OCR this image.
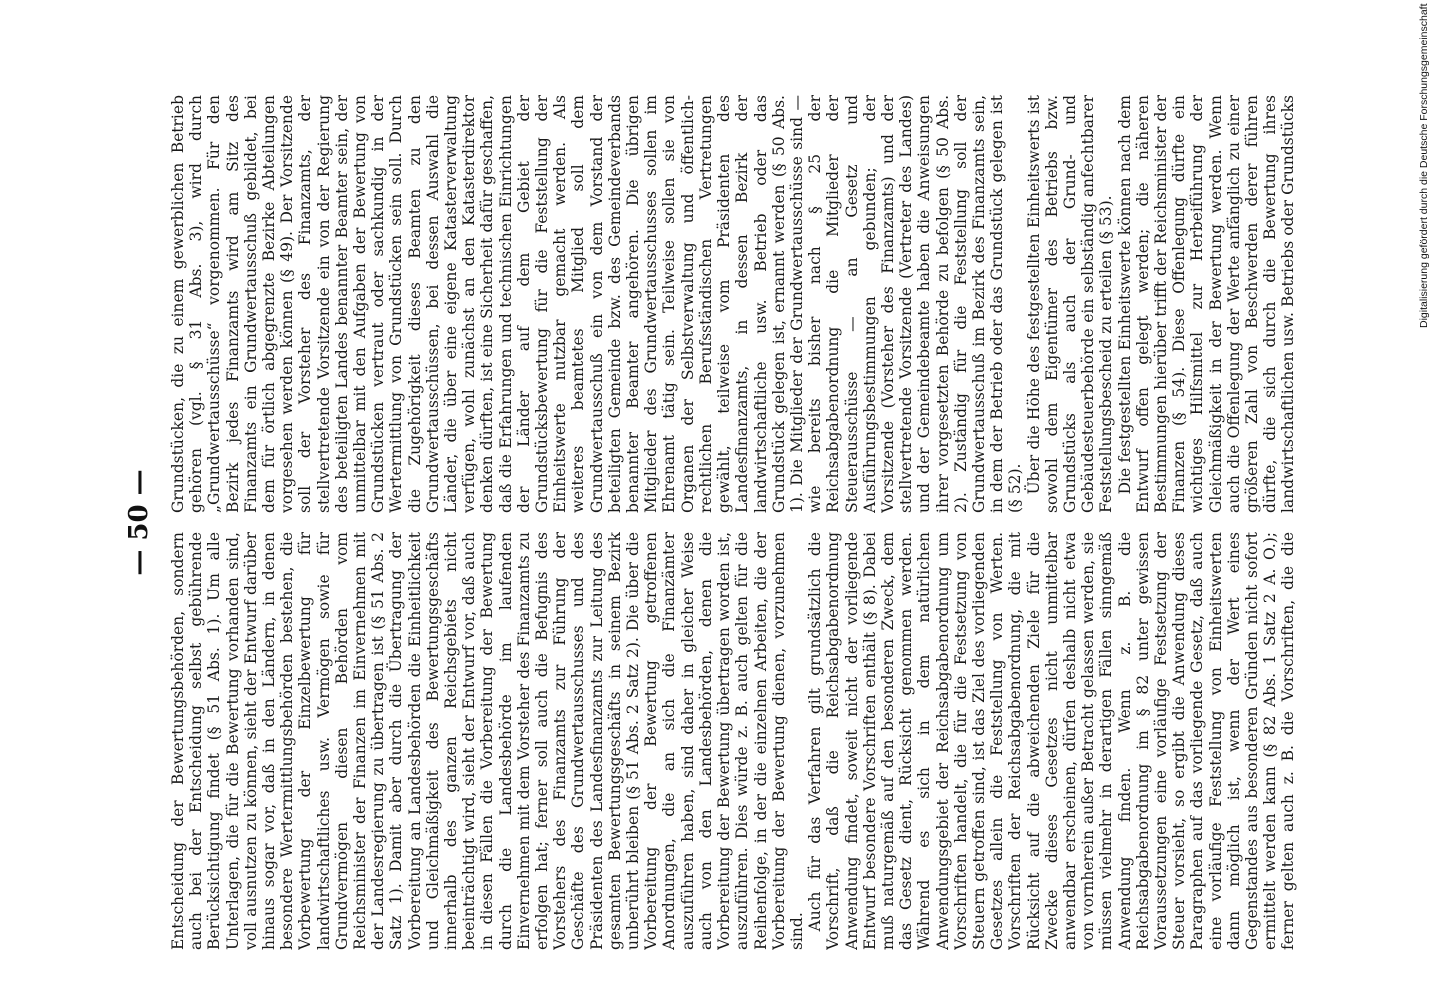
— 50 —

Entscheidung der Bewertungsbehörden, sondern auch bei der Entscheidung selbst gebührende Berücksichtigung findet (§ 51 Abs. 1). Um alle Unterlagen, die für die Bewertung vorhanden sind, voll ausnutzen zu können, sieht der Entwurf darüber hinaus sogar vor, daß in den Ländern, in denen besondere Wertermittlungsbehörden bestehen, die Vorbewertung der Einzelbewertung für landwirtschaftliches usw. Vermögen sowie für Grundvermögen diesen Behörden vom Reichsminister der Finanzen im Einvernehmen mit der Landesregierung zu übertragen ist (§ 51 Abs. 2 Satz 1). Damit aber durch die Übertragung der Vorbereitung an Landesbehörden die Einheitlichkeit und Gleichmäßigkeit des Bewertungsgeschäfts innerhalb des ganzen Reichsgebiets nicht beeinträchtigt wird, sieht der Entwurf vor, daß auch in diesen Fällen die Vorbereitung der Bewertung durch die Landesbehörde im laufenden Einvernehmen mit dem Vorsteher des Finanzamts zu erfolgen hat; ferner soll auch die Befugnis des Vorstehers des Finanzamts zur Führung der Geschäfte des Grundwertausschusses und des Präsidenten des Landesfinanzamts zur Leitung des gesamten Bewertungsgeschäfts in seinem Bezirk unberührt bleiben (§ 51 Abs. 2 Satz 2). Die über die Vorbereitung der Bewertung getroffenen Anordnungen, die an sich die Finanzämter auszuführen haben, sind daher in gleicher Weise auch von den Landesbehörden, denen die Vorbereitung der Bewertung übertragen worden ist, auszuführen. Dies würde z. B. auch gelten für die Reihenfolge, in der die einzelnen Arbeiten, die der Vorbereitung der Bewertung dienen, vorzunehmen sind. Auch für das Verfahren gilt grundsätzlich die Vorschrift, daß die Reichsabgabenordnung Anwendung findet, soweit nicht der vorliegende Entwurf besondere Vorschriften enthält (§ 8). Dabei muß naturgemäß auf den besonderen Zweck, dem das Gesetz dient, Rücksicht genommen werden. Während es sich in dem natürlichen Anwendungsgebiet der Reichsabgabenordnung um Vorschriften handelt, die für die Festsetzung von Steuern getroffen sind, ist das Ziel des vorliegenden Gesetzes allein die Feststellung von Werten. Vorschriften der Reichsabgabenordnung, die mit Rücksicht auf die abweichenden Ziele für die Zwecke dieses Gesetzes nicht unmittelbar anwendbar erscheinen, dürfen deshalb nicht etwa von vornherein außer Betracht gelassen werden, sie müssen vielmehr in derartigen Fällen sinngemäß Anwendung finden. Wenn z. B. die Reichsabgabenordnung im § 82 unter gewissen Voraussetzungen eine vorläufige Festsetzung der Steuer vorsieht, so ergibt die Anwendung dieses Paragraphen auf das vorliegende Gesetz, daß auch eine vorläufige Feststellung von Einheitswerten dann möglich ist, wenn der Wert eines Gegenstandes aus besonderen Gründen nicht sofort ermittelt werden kann (§ 82 Abs. 1 Satz 2 A. O.); ferner gelten auch z. B. die Vorschriften, die die

Grundstücken, die zu einem gewerblichen Betrieb gehören (vgl. § 31 Abs. 3), wird durch „Grundwertausschüsse“ vorgenommen. Für den Bezirk jedes Finanzamts wird am Sitz des Finanzamts ein Grundwertausschuß gebildet, bei dem für örtlich abgegrenzte Bezirke Abteilungen vorgesehen werden können (§ 49). Der Vorsitzende soll der Vorsteher des Finanzamts, der stellvertretende Vorsitzende ein von der Regierung des beteiligten Landes benannter Beamter sein, der unmittelbar mit den Aufgaben der Bewertung von Grundstücken vertraut oder sachkundig in der Wertermittlung von Grundstücken sein soll. Durch die Zugehörigkeit dieses Beamten zu den Grundwertausschüssen, bei dessen Auswahl die Länder, die über eine eigene Katasterverwaltung verfügen, wohl zunächst an den Katasterdirektor denken dürften, ist eine Sicherheit dafür geschaffen, daß die Erfahrungen und technischen Einrichtungen der Länder auf dem Gebiet der Grundstücksbewertung für die Feststellung der Einheitswerte nutzbar gemacht werden. Als weiteres beamtetes Mitglied soll dem Grundwertausschuß ein von dem Vorstand der beteiligten Gemeinde bzw. des Gemeindeverbands benannter Beamter angehören. Die übrigen Mitglieder des Grundwertausschusses sollen im Ehrenamt tätig sein. Teilweise sollen sie von Organen der Selbstverwaltung und öffentlich-rechtlichen Berufsständischen Vertretungen gewählt, teilweise vom Präsidenten des Landesfinanzamts, in dessen Bezirk der landwirtschaftliche usw. Betrieb oder das Grundstück gelegen ist, ernannt werden (§ 50 Abs. 1). Die Mitglieder der Grundwertausschüsse sind — wie bereits bisher nach § 25 der Reichsabgabenordnung die Mitglieder der Steuerausschüsse — an Gesetz und Ausführungsbestimmungen gebunden; der Vorsitzende (Vorsteher des Finanzamts) und der stellvertretende Vorsitzende (Vertreter des Landes) und der Gemeindebeamte haben die Anweisungen ihrer vorgesetzten Behörde zu befolgen (§ 50 Abs. 2). Zuständig für die Feststellung soll der Grundwertausschuß im Bezirk des Finanzamts sein, in dem der Betrieb oder das Grundstück gelegen ist (§ 52). Über die Höhe des festgestellten Einheitswerts ist sowohl dem Eigentümer des Betriebs bzw. Grundstücks als auch der Grund- und Gebäudesteuerbehörde ein selbständig anfechtbarer Feststellungsbescheid zu erteilen (§ 53). Die festgestellten Einheitswerte können nach dem Entwurf offen gelegt werden; die näheren Bestimmungen hierüber trifft der Reichsminister der Finanzen (§ 54). Diese Offenlegung dürfte ein wichtiges Hilfsmittel zur Herbeiführung der Gleichmäßigkeit in der Bewertung werden. Wenn auch die Offenlegung der Werte anfänglich zu einer größeren Zahl von Beschwerden derer führen dürfte, die sich durch die Bewertung ihres landwirtschaftlichen usw. Betriebs oder Grundstücks	Digitalisierung gefördert durch die Deutsche Forschungsgemeinschaft
